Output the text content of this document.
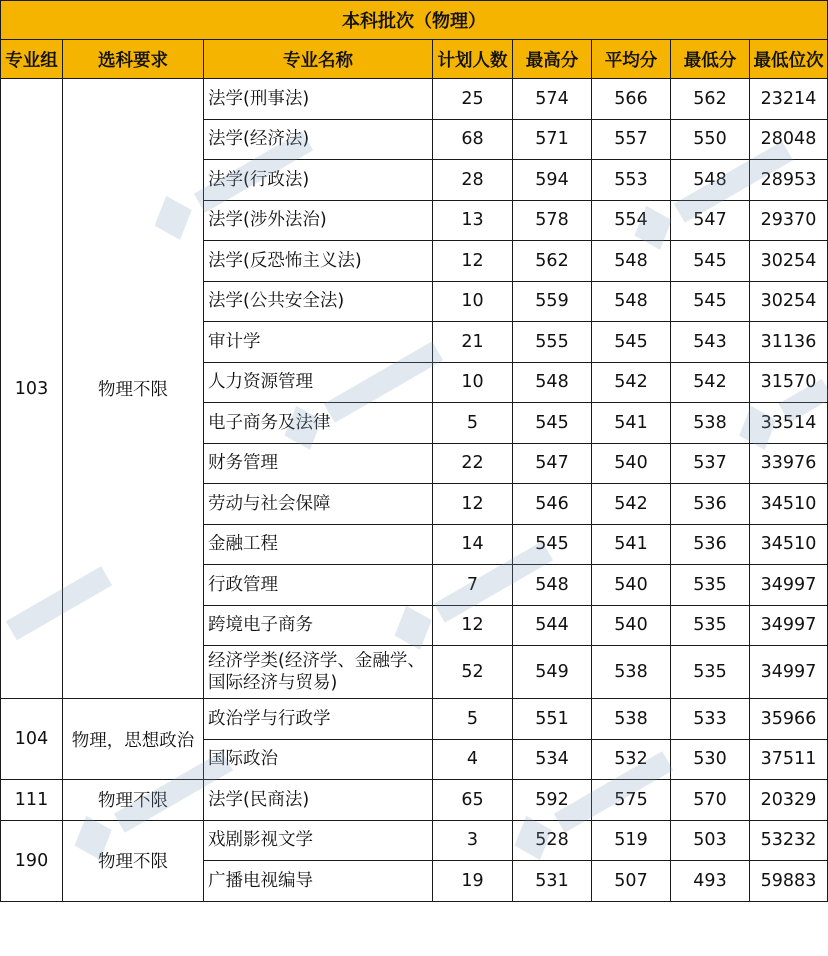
本科批次（物理）							
专业组	选科要求	专业名称	计划人数	最高分	平均分	最低分	最低位次
103	物理不限	法学(刑事法)	25	574	566	562	23214
		法学(经济法)	68	571	557	550	28048
		法学(行政法)	28	594	553	548	28953
		法学(涉外法治)	13	578	554	547	29370
		法学(反恐怖主义法)	12	562	548	545	30254
		法学(公共安全法)	10	559	548	545	30254
		审计学	21	555	545	543	31136
		人力资源管理	10	548	542	542	31570
		电子商务及法律	5	545	541	538	33514
		财务管理	22	547	540	537	33976
		劳动与社会保障	12	546	542	536	34510
		金融工程	14	545	541	536	34510
		行政管理	7	548	540	535	34997
		跨境电子商务	12	544	540	535	34997
		经济学类(经济学、金融学、国际经济与贸易)	52	549	538	535	34997
104	物理，思想政治	政治学与行政学	5	551	538	533	35966
		国际政治	4	534	532	530	37511
111	物理不限	法学(民商法)	65	592	575	570	20329
190	物理不限	戏剧影视文学	3	528	519	503	53232
		广播电视编导	19	531	507	493	59883
